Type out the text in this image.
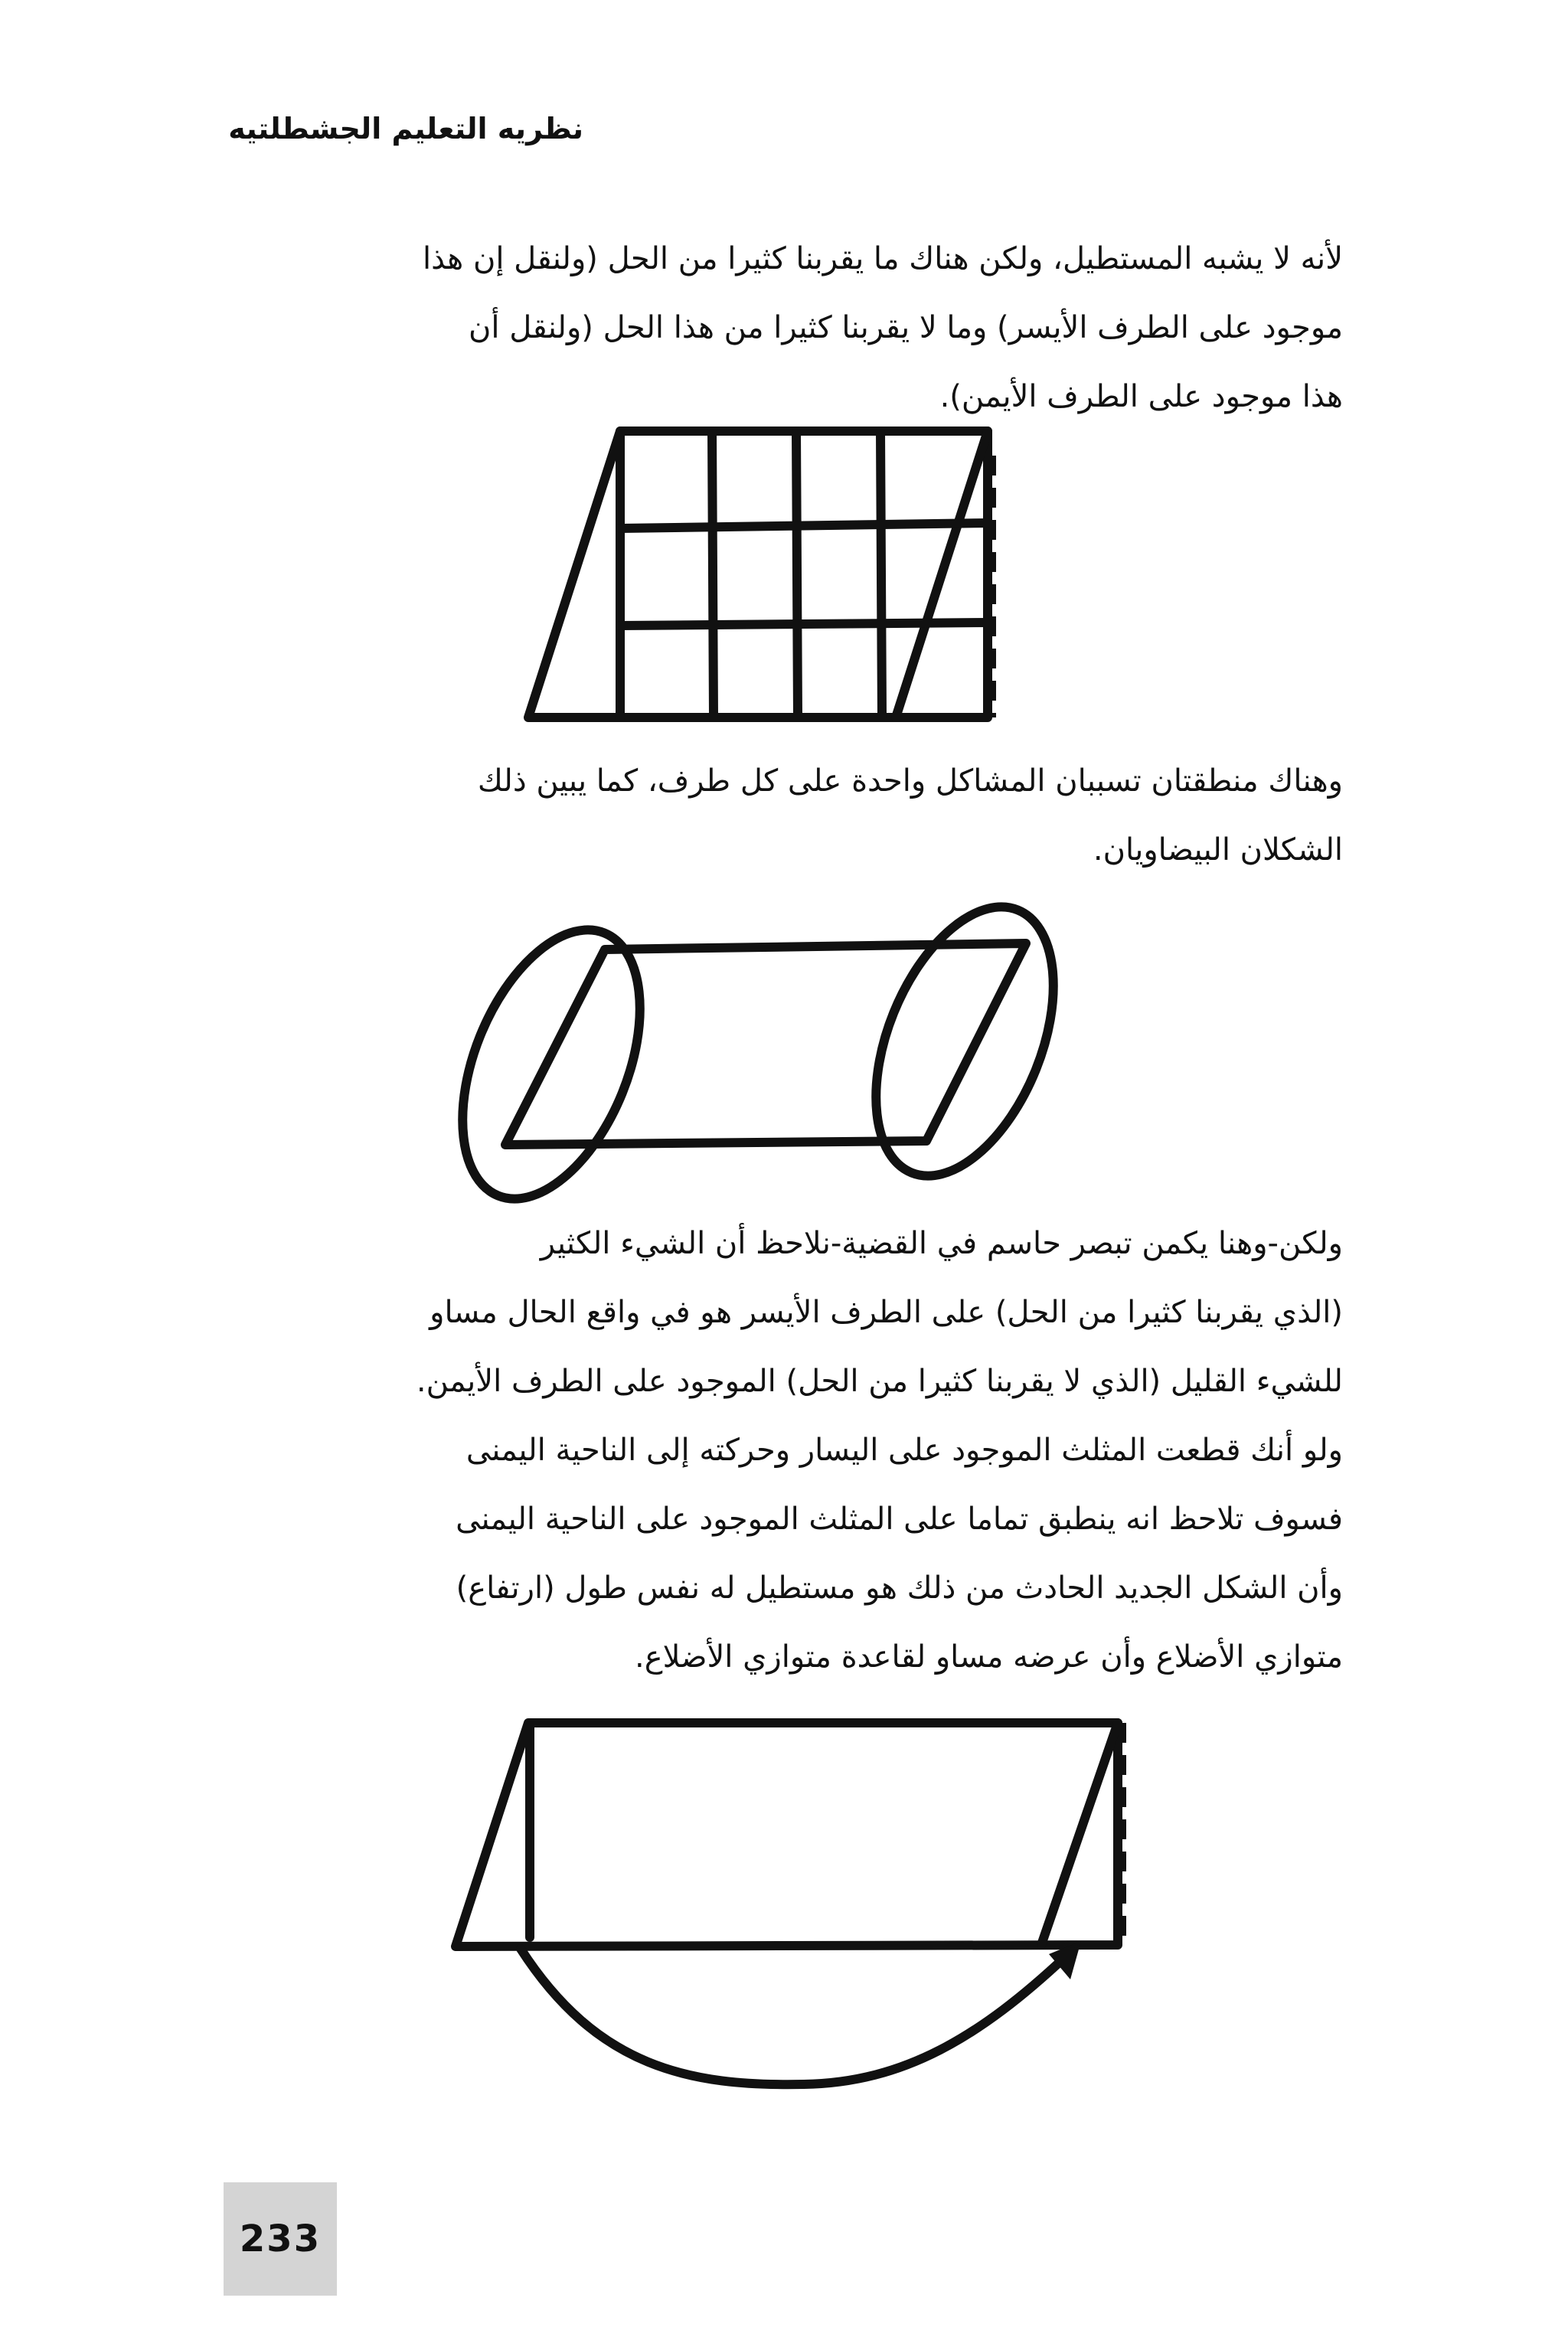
نظريه التعليم الجشطلتيه
لأنه لا يشبه المستطيل، ولكن هناك ما يقربنا كثيرا من الحل (ولنقل إن هذا
موجود على الطرف الأيسر) وما لا يقربنا كثيرا من هذا الحل (ولنقل أن
هذا موجود على الطرف الأيمن).
وهناك منطقتان تسببان المشاكل واحدة على كل طرف، كما يبين ذلك
الشكلان البيضاويان.
ولكن-وهنا يكمن تبصر حاسم في القضية-نلاحظ أن الشيء الكثير
(الذي يقربنا كثيرا من الحل) على الطرف الأيسر هو في واقع الحال مساو
للشيء القليل (الذي لا يقربنا كثيرا من الحل) الموجود على الطرف الأيمن.
ولو أنك قطعت المثلث الموجود على اليسار وحركته إلى الناحية اليمنى
فسوف تلاحظ انه ينطبق تماما على المثلث الموجود على الناحية اليمنى
وأن الشكل الجديد الحادث من ذلك هو مستطيل له نفس طول (ارتفاع)
متوازي الأضلاع وأن عرضه مساو لقاعدة متوازي الأضلاع.
233
